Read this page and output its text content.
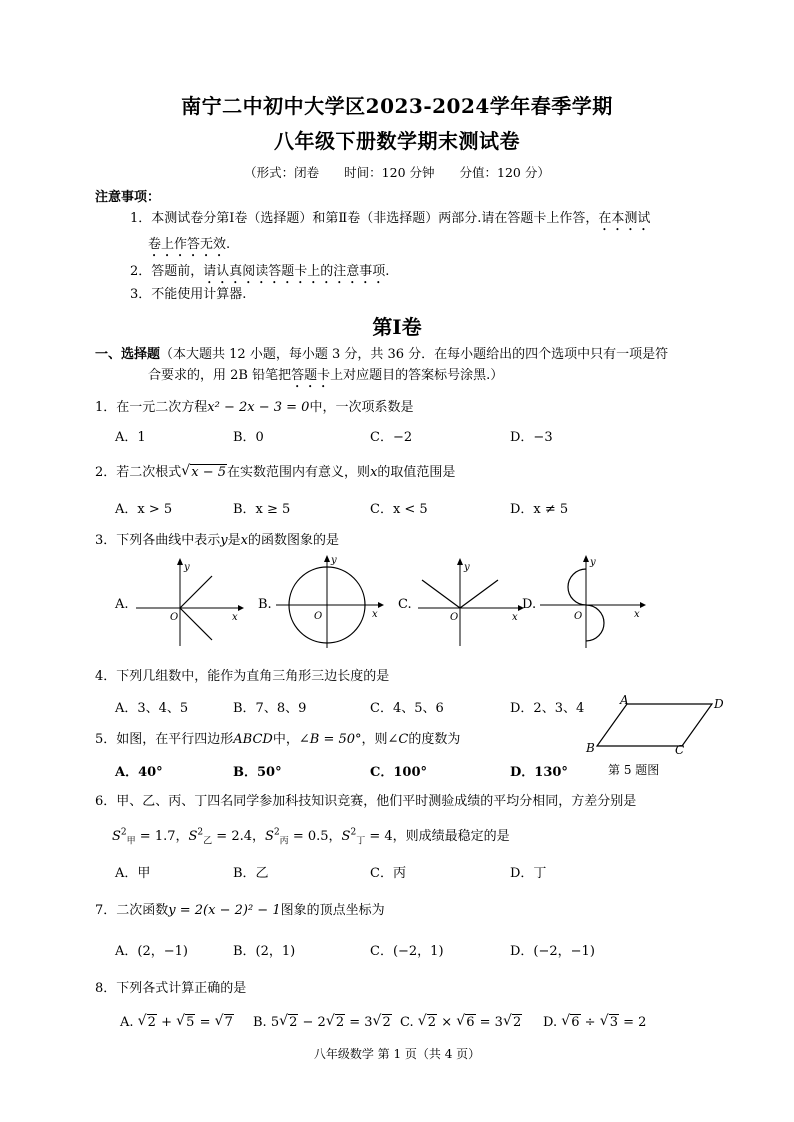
南宁二中初中大学区2023-2024学年春季学期
八年级下册数学期末测试卷
（形式：闭卷　　时间：120 分钟　　分值：120 分）
注意事项：
1．本测试卷分第Ⅰ卷（选择题）和第Ⅱ卷（非选择题）两部分.请在答题卡上作答，在本测试
卷上作答无效.
2．答题前，请认真阅读答题卡上的注意事项.
3．不能使用计算器.
第Ⅰ卷
一、选择题（本大题共 12 小题，每小题 3 分，共 36 分．在每小题给出的四个选项中只有一项是符
合要求的，用 2B 铅笔把答题卡上对应题目的答案标号涂黑.）
1．在一元二次方程x² − 2x − 3 = 0中，一次项系数是
A．1	B．0	C．−2	D．−3
2．若二次根式 √ x − 5在实数范围内有意义，则x的取值范围是
A．x > 5	B．x ≥ 5	C．x < 5	D．x ≠ 5
3．下列各曲线中表示y是x的函数图象的是
A.
x
y
O
B.
x
y
O
C.
x
y
O
D.
x
y
O
4．下列几组数中，能作为直角三角形三边长度的是
A．3、4、5	B．7、8、9	C．4、5、6	D．2、3、4
A
B	C
D
第 5 题图
5．如图，在平行四边形ABCD中，∠B = 50°，则∠C的度数为
A．40°	B．50°	C．100°	D．130°
6．甲、乙、丙、丁四名同学参加科技知识竞赛，他们平时测验成绩的平均分相同，方差分别是
$S^2_甲 = 1.7$，$S^2_乙 = 2.4$，$S^2_丙 = 0.5$，$S^2_丁 = 4$，则成绩最稳定的是
A．甲	B．乙	C．丙	D．丁
7．二次函数y = 2(x − 2)² − 1图象的顶点坐标为
A．(2，−1)	B．(2，1)	C．(−2，1)	D．(−2，−1)
8．下列各式计算正确的是
A. √ 2 + √ 5 = √ 7 B. 5 √ 2 − 2 √ 2 = 3 √ 2 C. √ 2 × √ 6 = 3 √ 2 D. √ 6 ÷ √ 3 = 2
八年级数学 第 1 页（共 4 页）
